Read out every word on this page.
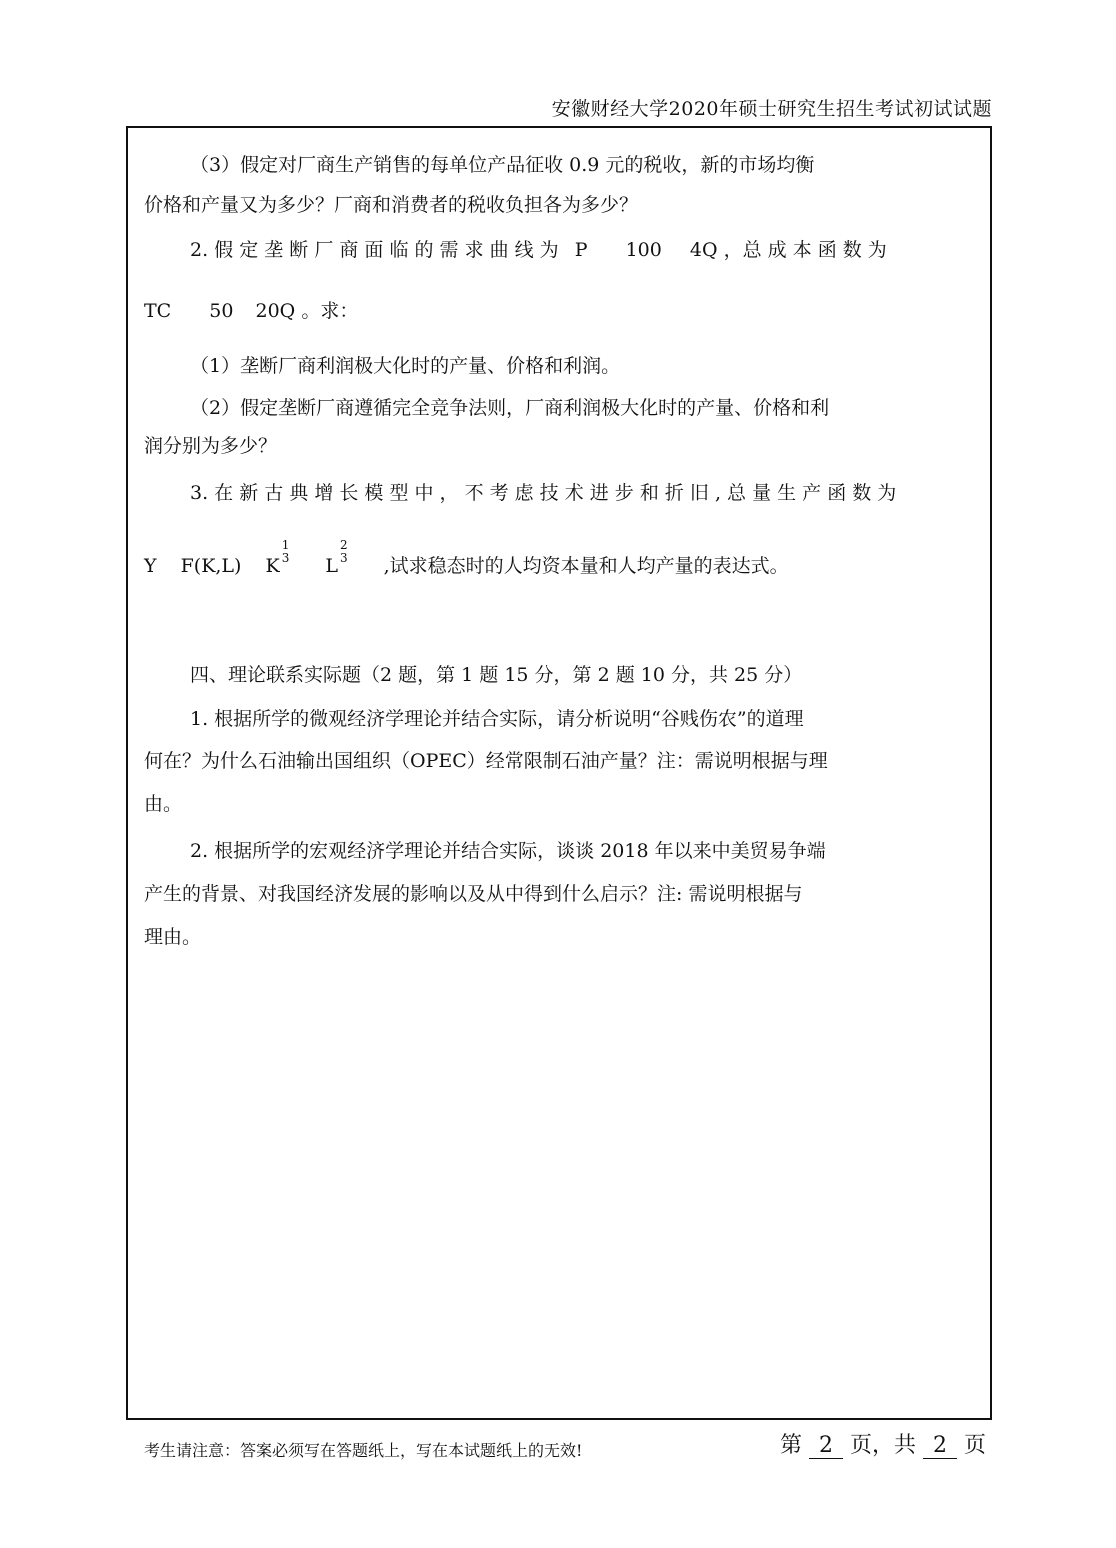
安徽财经大学2020年硕士研究生招生考试初试试题
（3）假定对厂商生产销售的每单位产品征收 0.9 元的税收，新的市场均衡
价格和产量又为多少？厂商和消费者的税收负担各为多少？
2. 假 定 垄 断 厂 商 面 临 的 需 求 曲 线 为 P 100 4Q ，总 成 本 函 数 为
TC 50 20Q 。求：
（1）垄断厂商利润极大化时的产量、价格和利润。
（2）假定垄断厂商遵循完全竞争法则，厂商利润极大化时的产量、价格和利
润分别为多少？
3. 在 新 古 典 增 长 模 型 中 ， 不 考 虑 技 术 进 步 和 折 旧 , 总 量 生 产 函 数 为
Y F(K,L) K
1
3 L
2
3 ,试求稳态时的人均资本量和人均产量的表达式。
四、理论联系实际题（2 题，第 1 题 15 分，第 2 题 10 分，共 25 分）
1. 根据所学的微观经济学理论并结合实际，请分析说明“谷贱伤农”的道理
何在？为什么石油输出国组织（OPEC）经常限制石油产量？注：需说明根据与理
由。
2. 根据所学的宏观经济学理论并结合实际，谈谈 2018 年以来中美贸易争端
产生的背景、对我国经济发展的影响以及从中得到什么启示？注: 需说明根据与
理由。
考生请注意：答案必须写在答题纸上，写在本试题纸上的无效!	第 2 页，共 2 页
